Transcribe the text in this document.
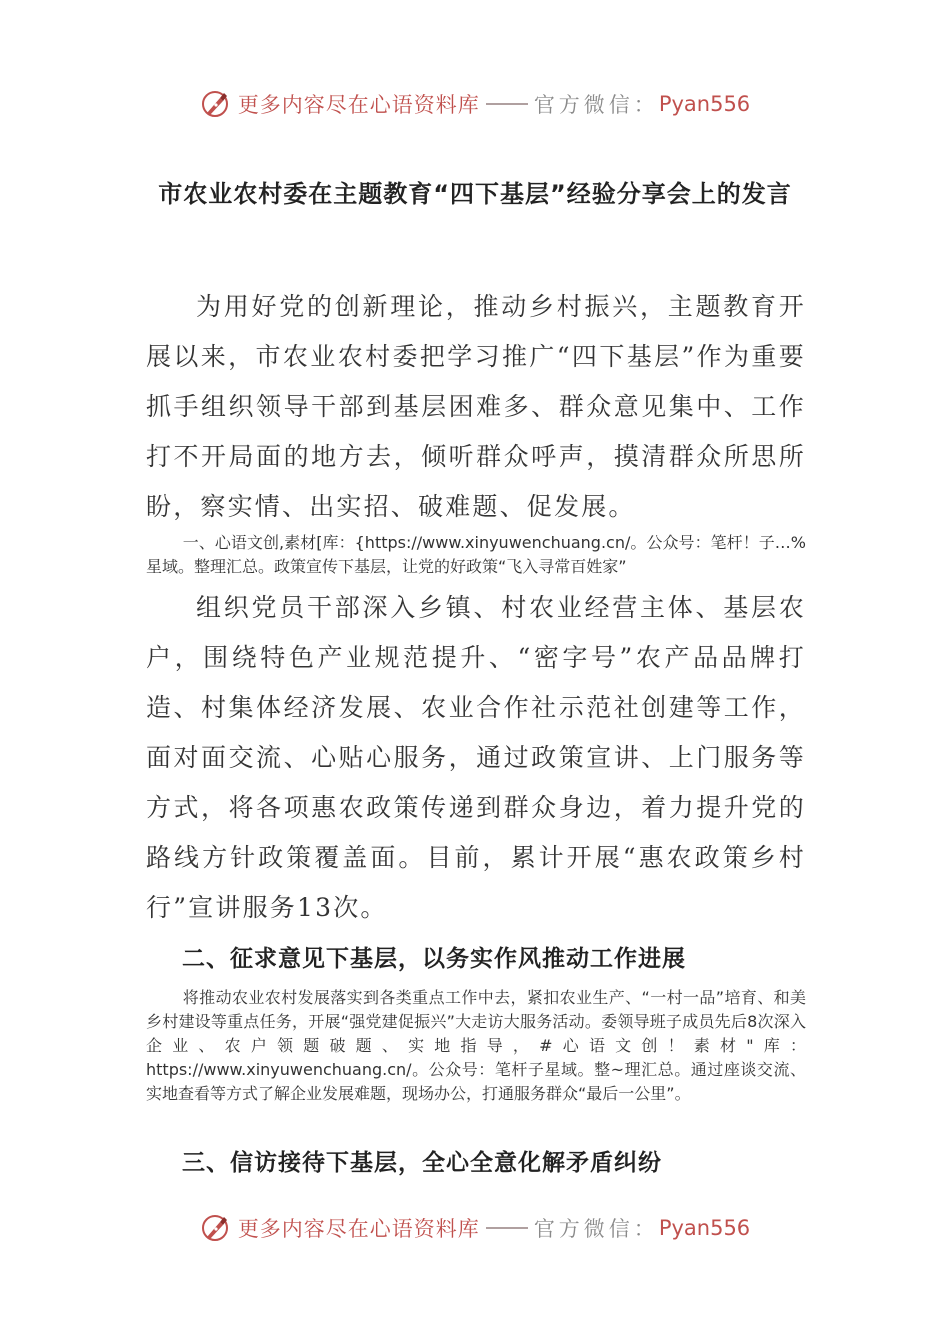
更多内容尽在心语资料库	官方微信： Pyan556
市农业农村委在主题教育“四下基层”经验分享会上的发言

为用好党的创新理论，推动乡村振兴，主题教育开展以来，市农业农村委把学习推广“四下基层”作为重要抓手组织领导干部到基层困难多、群众意见集中、工作打不开局面的地方去，倾听群众呼声，摸清群众所思所盼，察实情、出实招、破难题、促发展。

一、心语文创,素材[库：{https://www.xinyuwenchuang.cn/。公众号：笔杆！子…%星域。整理汇总。政策宣传下基层，让党的好政策“飞入寻常百姓家”

组织党员干部深入乡镇、村农业经营主体、基层农户，围绕特色产业规范提升、“密字号”农产品品牌打造、村集体经济发展、农业合作社示范社创建等工作，面对面交流、心贴心服务，通过政策宣讲、上门服务等方式，将各项惠农政策传递到群众身边，着力提升党的路线方针政策覆盖面。目前，累计开展“惠农政策乡村行”宣讲服务13次。

二、征求意见下基层，以务实作风推动工作进展

将推动农业农村发展落实到各类重点工作中去，紧扣农业生产、“一村一品”培育、和美乡村建设等重点任务，开展“强党建促振兴”大走访大服务活动。委领导班子成员先后8次深入企业、农户领题破题、实地指导，#心语文创！素材"库：https://www.xinyuwenchuang.cn/。公众号：笔杆子星域。整~理汇总。通过座谈交流、实地查看等方式了解企业发展难题，现场办公，打通服务群众“最后一公里”。

三、信访接待下基层，全心全意化解矛盾纠纷
更多内容尽在心语资料库	官方微信： Pyan556
